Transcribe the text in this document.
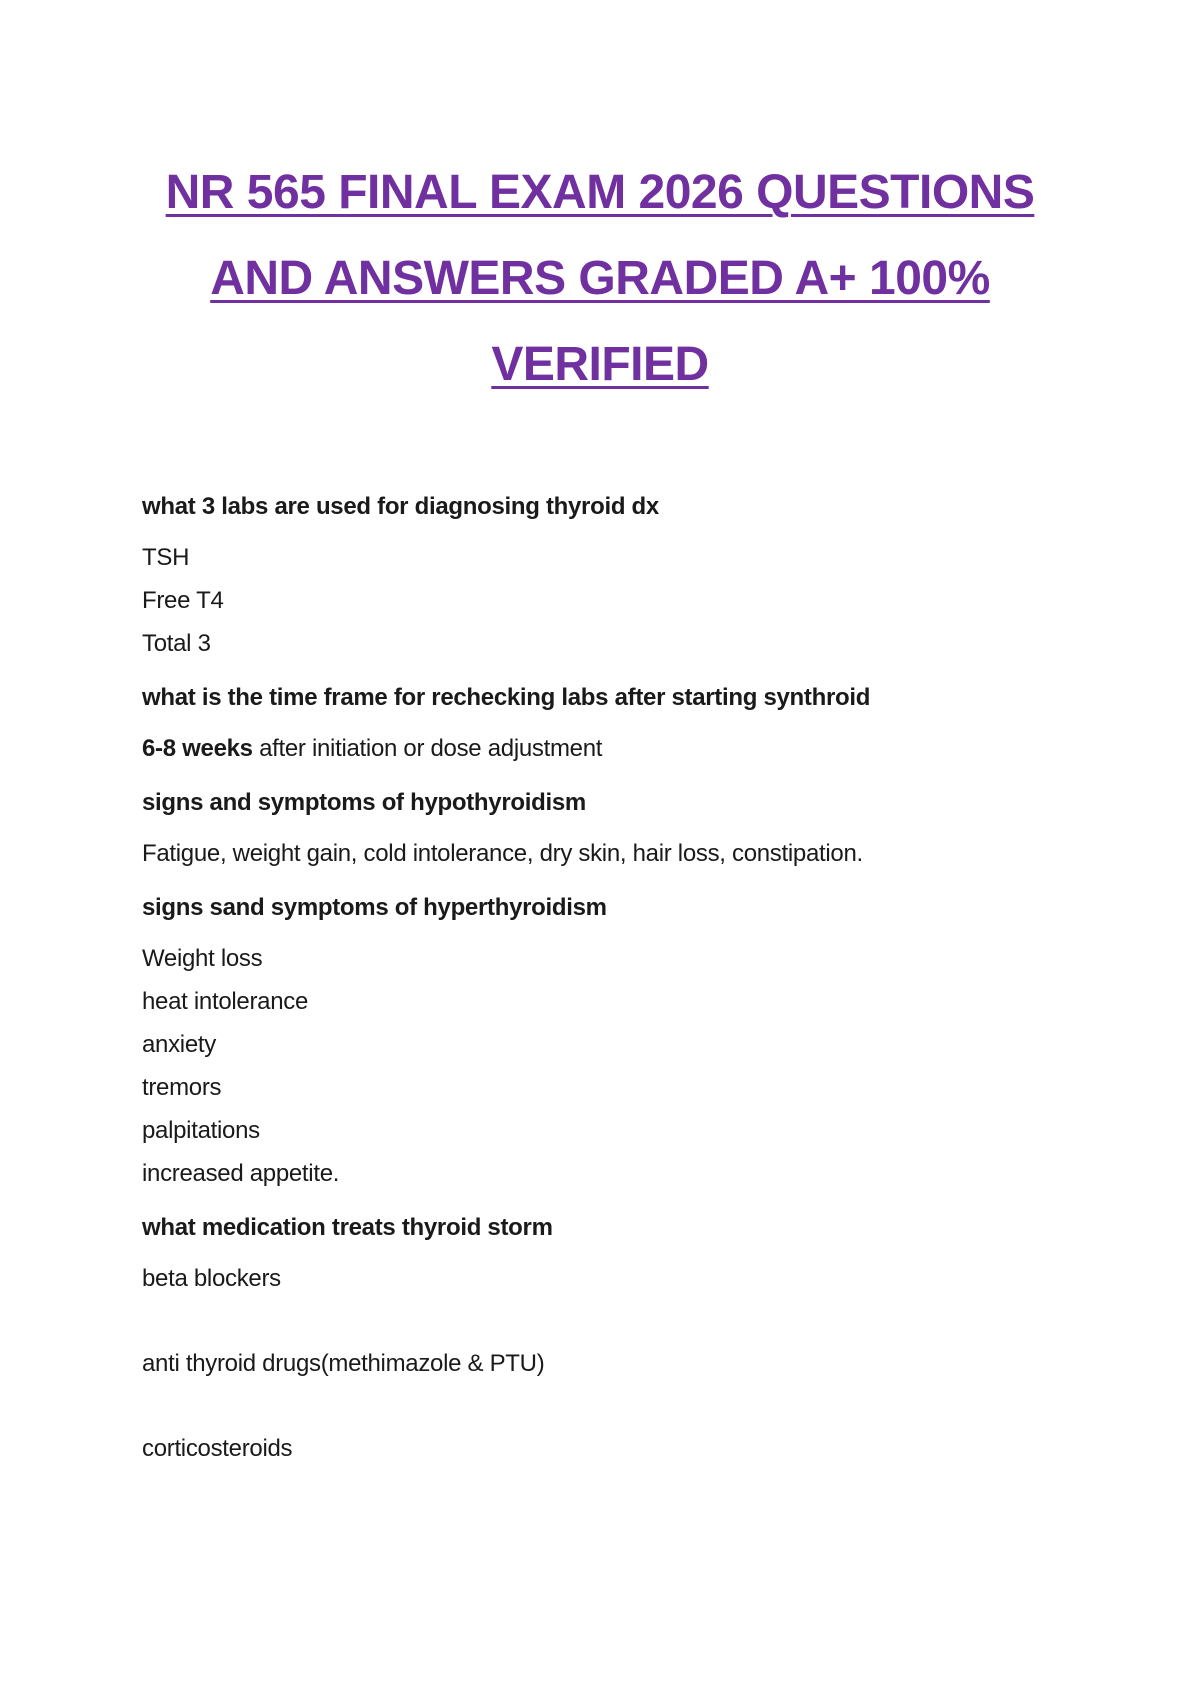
NR 565 FINAL EXAM 2026 QUESTIONS
AND ANSWERS GRADED A+ 100%
VERIFIED

what 3 labs are used for diagnosing thyroid dx

TSH

Free T4

Total 3

what is the time frame for rechecking labs after starting synthroid

6-8 weeks after initiation or dose adjustment

signs and symptoms of hypothyroidism

Fatigue, weight gain, cold intolerance, dry skin, hair loss, constipation.

signs sand symptoms of hyperthyroidism

Weight loss

heat intolerance

anxiety

tremors

palpitations

increased appetite.

what medication treats thyroid storm

beta blockers

anti thyroid drugs(methimazole & PTU)

corticosteroids
